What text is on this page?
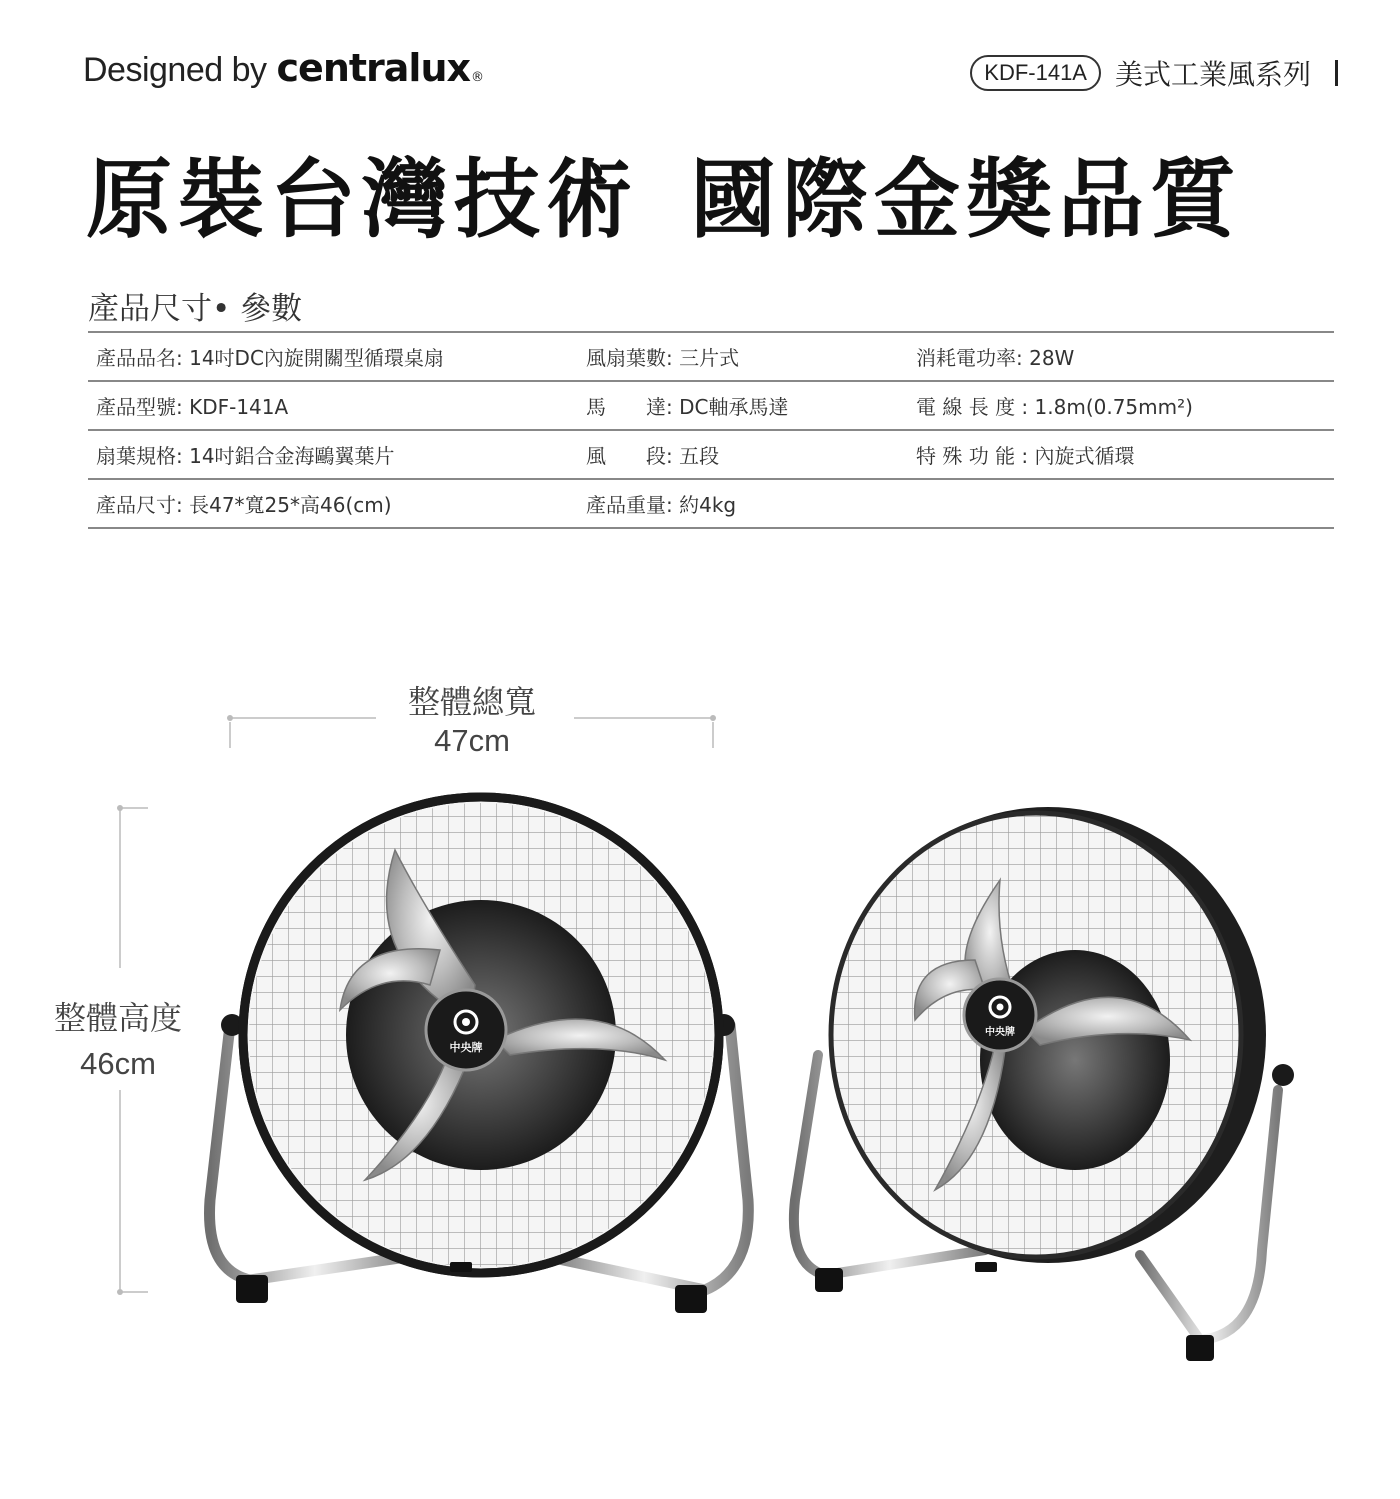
Designed by centralux ®	KDF-141A	美式工業風系列
原裝台灣技術 國際金獎品質
產品尺寸• 參數
產品品名: 14吋DC內旋開關型循環桌扇	風扇葉數: 三片式	消耗電功率: 28W
產品型號: KDF-141A	馬　　達: DC軸承馬達	電 線 長 度 : 1.8m(0.75mm²)
扇葉規格: 14吋鋁合金海鷗翼葉片	風　　段: 五段	特 殊 功 能 : 內旋式循環
產品尺寸: 長47*寬25*高46(cm)	產品重量: 約4kg
中央牌
中央牌
整體總寬
47cm
整體高度
46cm
